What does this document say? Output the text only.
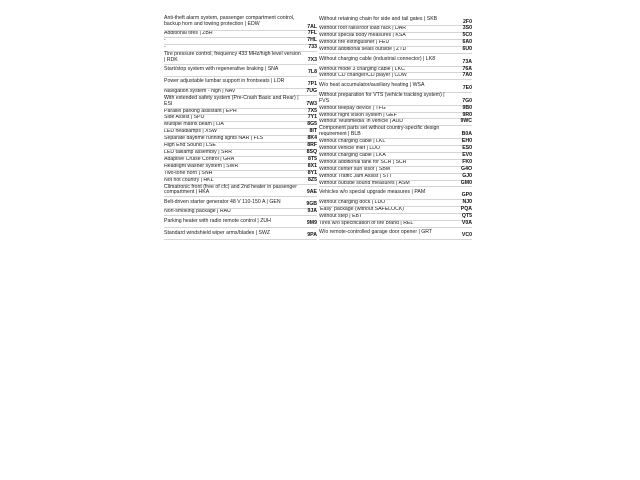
Anti-theft alarm system, passenger compartment control, backup horn and towing protection | EDW	7AL
Additional tires | ZBR	7FL
-	7HL
-	733
Tire pressure control, frequency 433 MHz/high level version | RDK	7X3
Start/stop system with regenerative braking | SNA	7L8
Power adjustable lumbar support in frontseats | LOR	7P1
Navigation system - high | NAV	7UG
With extended safety system (Pre-Crash Basic and Rear) | ESI	7W3
Parallel parking assistant | EPH	7X5
Side Assist | SPU	7Y1
Multiple matrix beam | LIA	8G5
LED headlamps | XSW	8IT
Separate daytime running lights NAR | FLS	8K4
High End Sound | LSE	8RF
LED taillamp assembly | SRR	8SQ
Adaptive Cruise Control | GRA	8T5
Headlight washer system | SWR	8X1
Two-tone horn | SNH	8Y1
Not hot country | HKL	8Z5
Climatronic front (free of cfc) and 2nd heater in passenger compartment | HKA	9AE
Belt-driven starter generator 48 V 110-150 A | GEN	9GB
Non-smoking package | RAU	9JA
Parking heater with radio remote control | ZUH	9M9
Standard windshield wiper arms/blades | SWZ	9PA
Without retaining chain for side and tail gates | SKB	2F0
Without roof rails/roof load rack | DAR	3S0
Without special body measures | KSA	5C0
Without fire extinguisher | FEU	6A0
Without additional seals outside | ZTD	6U0
Without charging cable (industrial connector) | LK8	73A
Without mode 3 charging cable | LKC	76A
Without CD changer/CD player | CDW	7A0
W/o heat accumulator/auxiliary heating | WSA	7E0
Without preparation for VTS (vehicle tracking system) | FVS	7G0
Without telepay device | TFG	9B0
Without night vision system | GEF	9R0
Without 'Multimedia' in vehicle | AUD	9WC
Component parts set without country-specific design requirement | BLB	B0A
Without charging cable | LKL	EH0
Without vehicle inlet | LDO	ES0
Without charging cable | LKA	EV0
Without additional tank for SCR | SCR	FK0
Without center sun visor | SBM	G4O
Without Traffic Jam Assist | STT	GJ0
Without outside sound measures | ASM	GM0
Vehicles w/o special upgrade measures | PAM	GP0
Without charging dock | LDO	NJ0
'Easy' package (without SAFELOCK)	PQA
Without step | EBT	QT5
Tires w/o specification of tire brand | REL	V0A
W/o remote-controlled garage door opener | GRT	VC0
